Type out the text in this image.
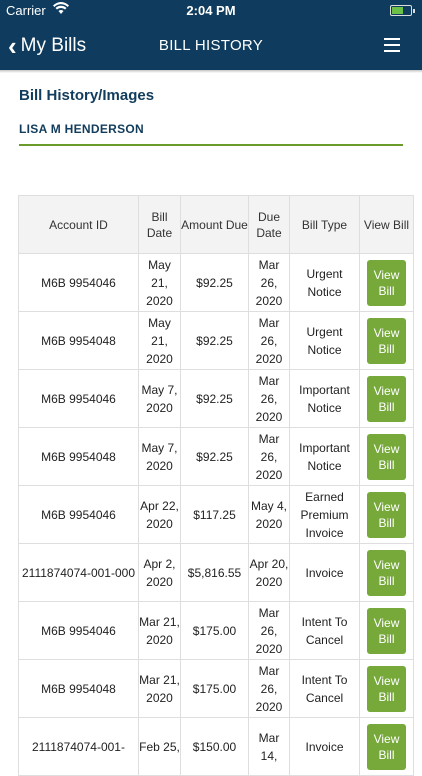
Carrier	2:04 PM
‹ My Bills	BILL HISTORY
Bill History/Images
LISA M HENDERSON
Account ID	Bill Date	Amount Due	Due Date	Bill Type	View Bill
M6B 9954046	May 21, 2020	$92.25	Mar 26, 2020	Urgent Notice	View Bill
M6B 9954048	May 21, 2020	$92.25	Mar 26, 2020	Urgent Notice	View Bill
M6B 9954046	May 7, 2020	$92.25	Mar 26, 2020	Important Notice	View Bill
M6B 9954048	May 7, 2020	$92.25	Mar 26, 2020	Important Notice	View Bill
M6B 9954046	Apr 22, 2020	$117.25	May 4, 2020	Earned Premium Invoice	View Bill
2111874074-001-000	Apr 2, 2020	$5,816.55	Apr 20, 2020	Invoice	View Bill
M6B 9954046	Mar 21, 2020	$175.00	Mar 26, 2020	Intent To Cancel	View Bill
M6B 9954048	Mar 21, 2020	$175.00	Mar 26, 2020	Intent To Cancel	View Bill
2111874074-001-	Feb 25,	$150.00	Mar 14,	Invoice	View Bill
